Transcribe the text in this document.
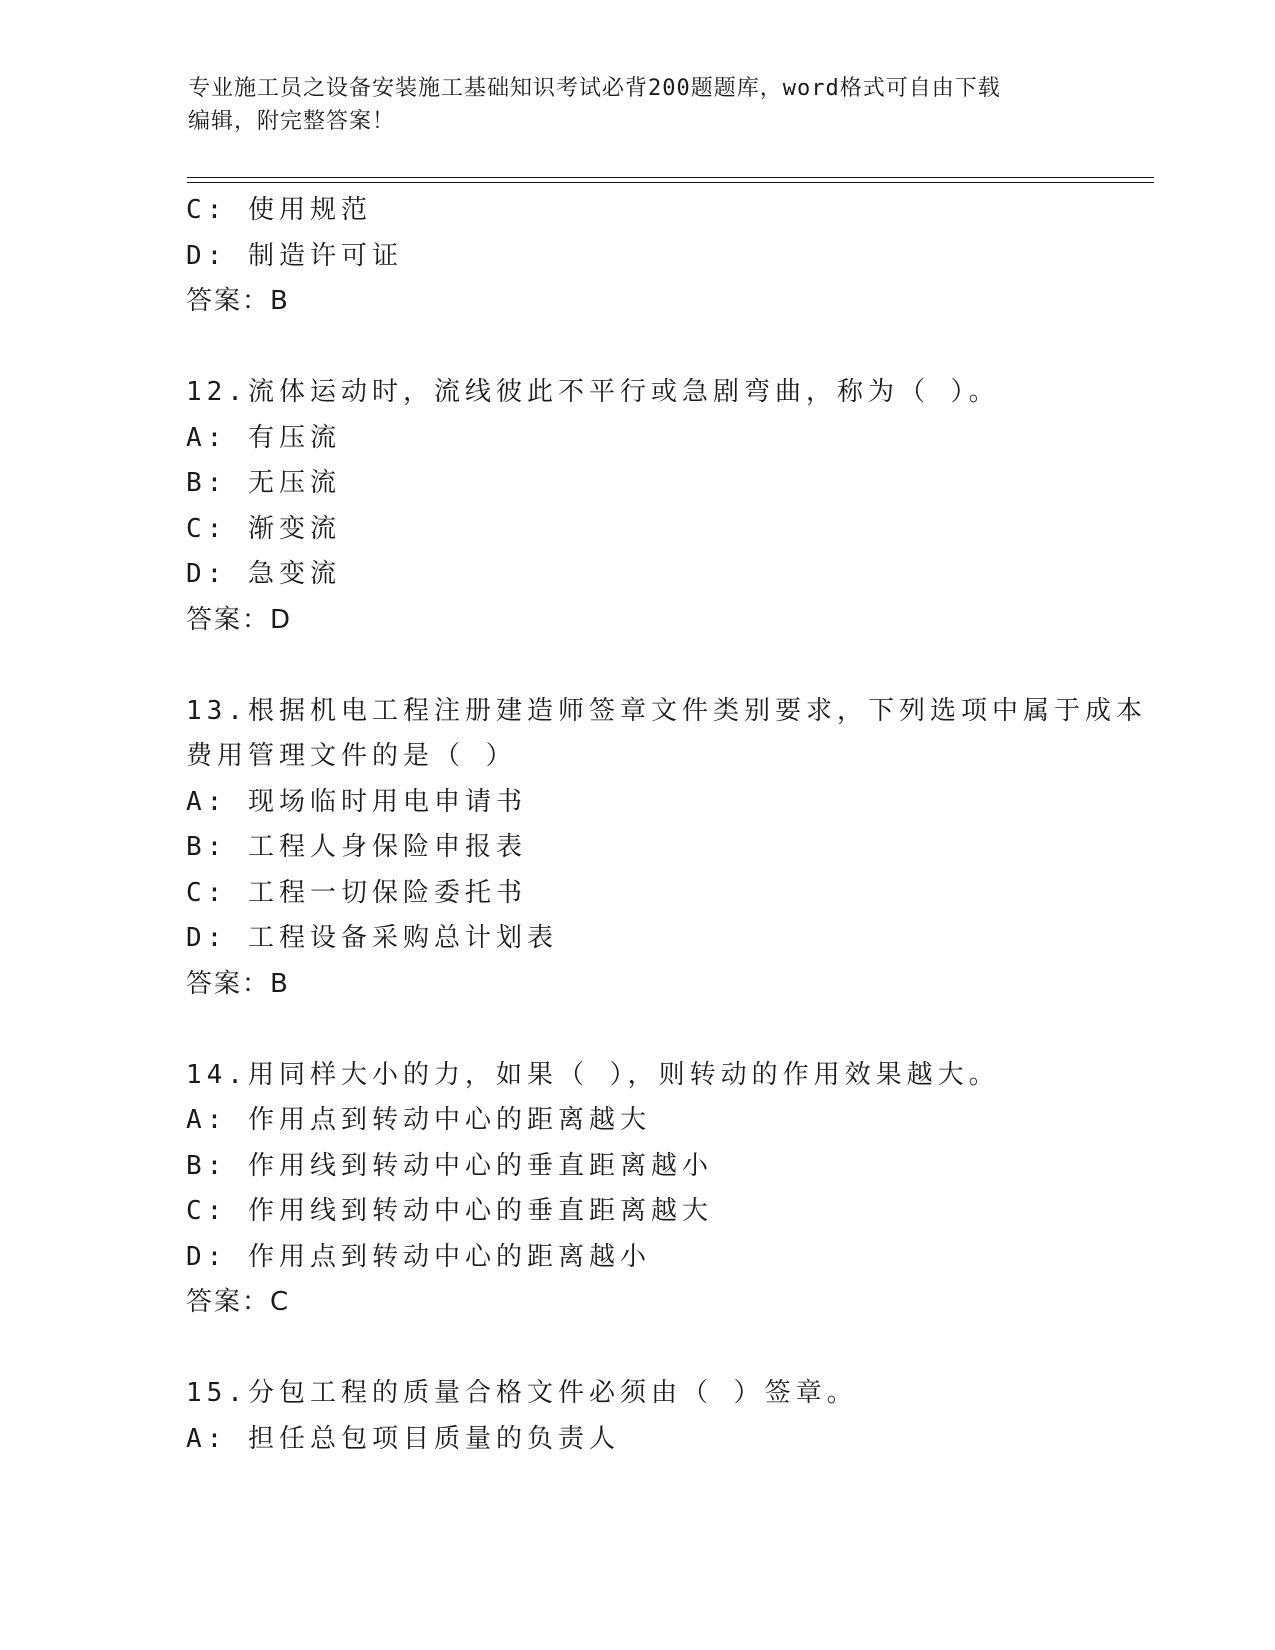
专业施工员之设备安装施工基础知识考试必背200题题库，word格式可自由下载
编辑，附完整答案！
C: 使用规范
D: 制造许可证
答案：B
12.流体运动时，流线彼此不平行或急剧弯曲，称为（ ）。
A: 有压流
B: 无压流
C: 渐变流
D: 急变流
答案：D
13.根据机电工程注册建造师签章文件类别要求，下列选项中属于成本
费用管理文件的是（ ）
A: 现场临时用电申请书
B: 工程人身保险申报表
C: 工程一切保险委托书
D: 工程设备采购总计划表
答案：B
14.用同样大小的力，如果（ ），则转动的作用效果越大。
A: 作用点到转动中心的距离越大
B: 作用线到转动中心的垂直距离越小
C: 作用线到转动中心的垂直距离越大
D: 作用点到转动中心的距离越小
答案：C
15.分包工程的质量合格文件必须由（ ）签章。
A: 担任总包项目质量的负责人
